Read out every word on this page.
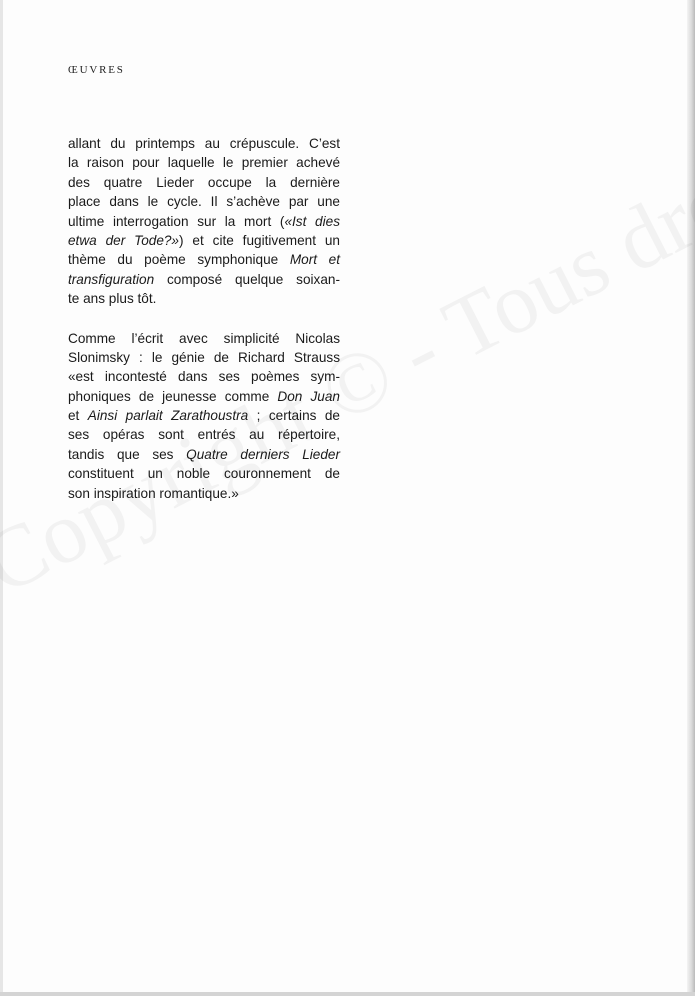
ŒUVRES

allant du printemps au crépuscule. C’est
la raison pour laquelle le premier achevé
des quatre Lieder occupe la dernière
place dans le cycle. Il s’achève par une
ultime interrogation sur la mort («Ist dies
etwa der Tode?») et cite fugitivement un
thème du poème symphonique Mort et
transfiguration composé quelque soixan-
te ans plus tôt.

Comme l’écrit avec simplicité Nicolas
Slonimsky : le génie de Richard Strauss
«est incontesté dans ses poèmes sym-
phoniques de jeunesse comme Don Juan
et Ainsi parlait Zarathoustra ; certains de
ses opéras sont entrés au répertoire,
tandis que ses Quatre derniers Lieder
constituent un noble couronnement de
son inspiration romantique.»
